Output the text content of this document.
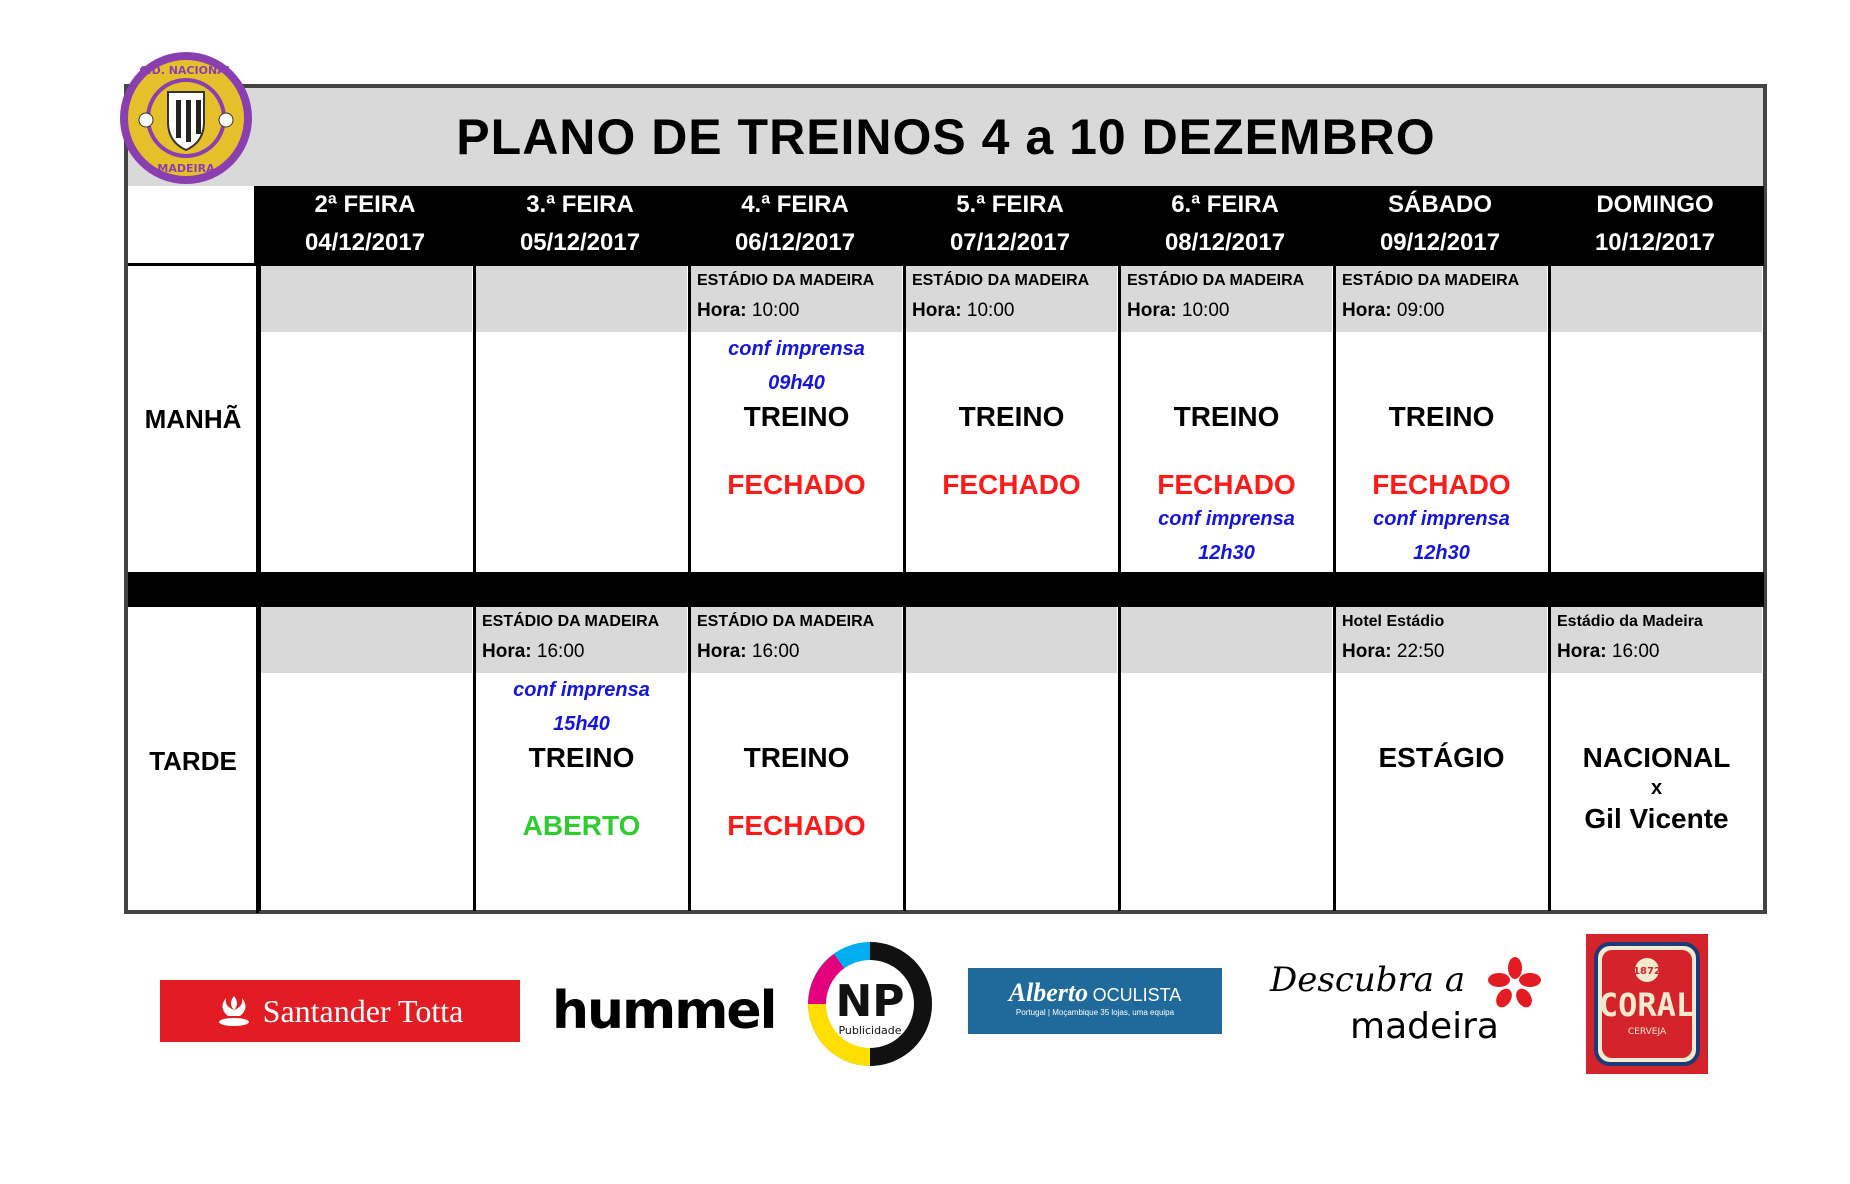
PLANO DE TREINOS 4 a 10 DEZEMBRO
C.D. NACIONAL
MADEIRA
2ª FEIRA
04/12/2017
3.ª FEIRA
05/12/2017
4.ª FEIRA
06/12/2017
5.ª FEIRA
07/12/2017
6.ª FEIRA
08/12/2017
SÁBADO
09/12/2017
DOMINGO
10/12/2017
MANHÃ
TARDE
ESTÁDIO DA MADEIRA
Hora: 10:00
conf imprensa
09h40
TREINO
FECHADO
ESTÁDIO DA MADEIRA
Hora: 10:00
TREINO
FECHADO
ESTÁDIO DA MADEIRA
Hora: 10:00
TREINO
FECHADO
conf imprensa
12h30
ESTÁDIO DA MADEIRA
Hora: 09:00
TREINO
FECHADO
conf imprensa
12h30
ESTÁDIO DA MADEIRA
Hora: 16:00
conf imprensa
15h40
TREINO
ABERTO
ESTÁDIO DA MADEIRA
Hora: 16:00
TREINO
FECHADO
Hotel Estádio
Hora: 22:50
ESTÁGIO
Estádio da Madeira
Hora: 16:00
NACIONAL
x
Gil Vicente
Santander Totta hummel NP
Publicidade
Alberto OCULISTA
Portugal | Moçambique 35 lojas, uma equipa
Descubra a
madeira
1872
CORAL
CERVEJA
